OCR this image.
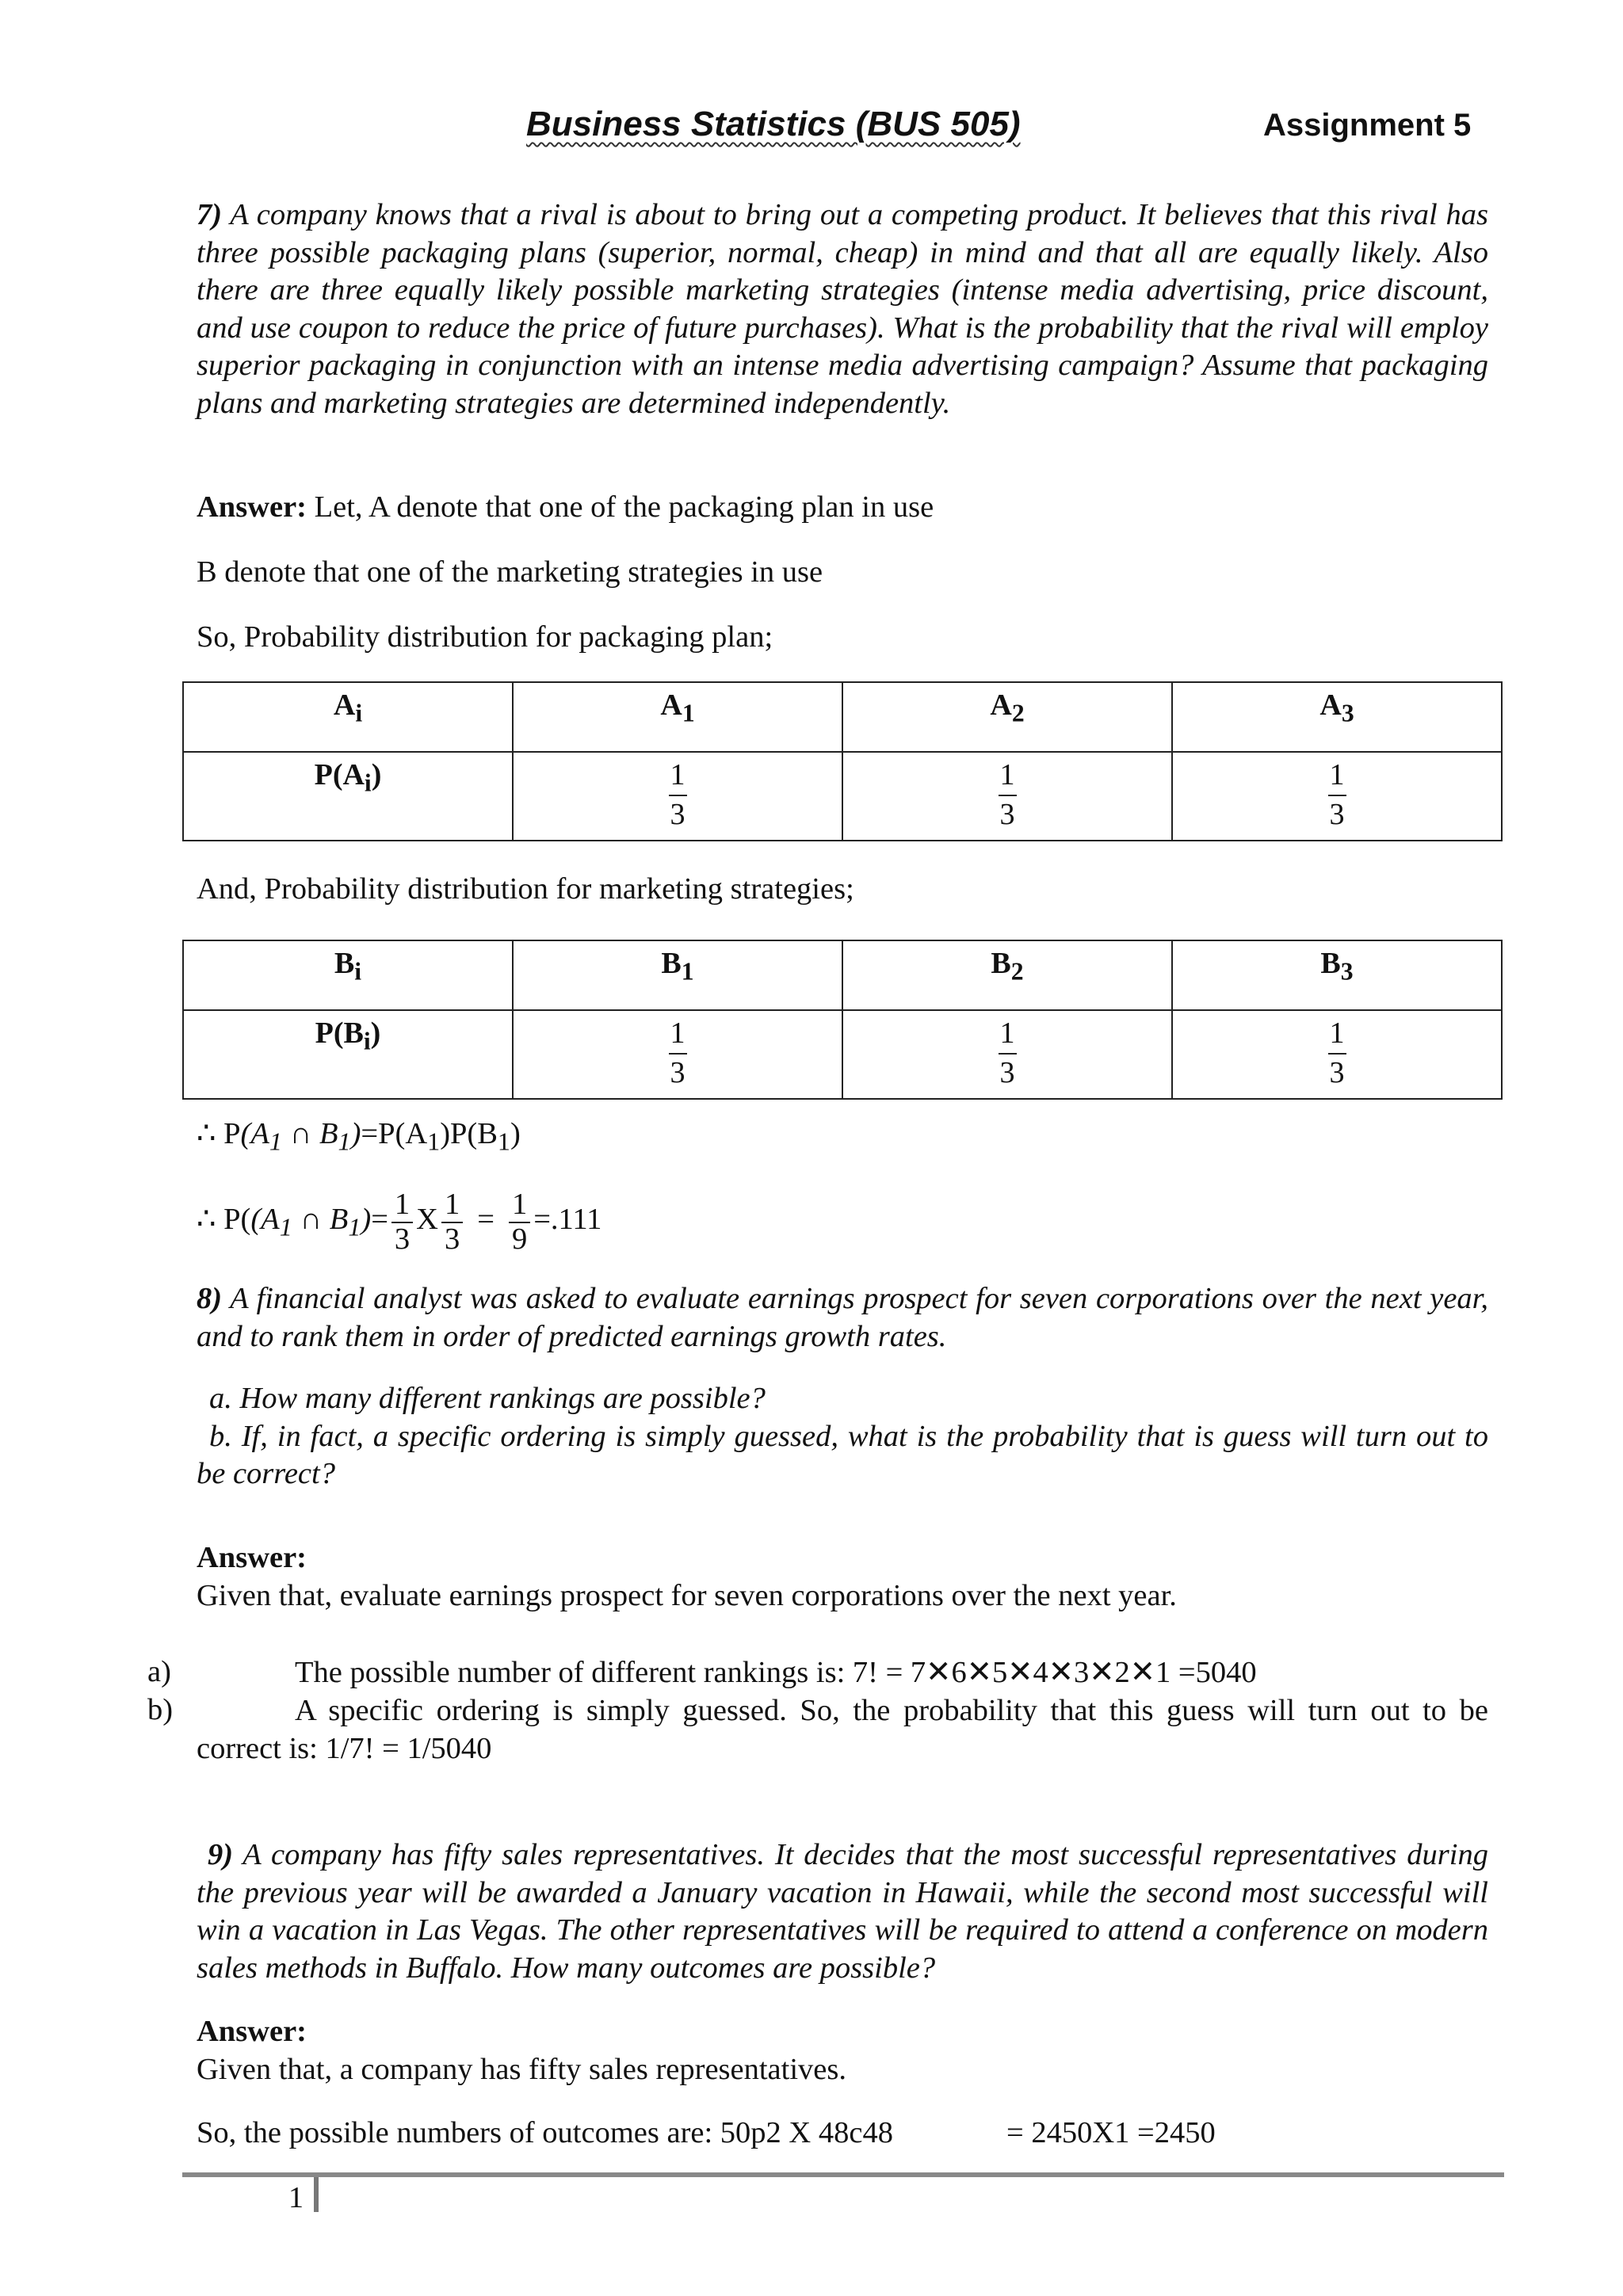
Business Statistics (BUS 505)	Assignment 5
7) A company knows that a rival is about to bring out a competing product. It believes that this rival has three possible packaging plans (superior, normal, cheap) in mind and that all are equally likely. Also there are three equally likely possible marketing strategies (intense media advertising, price discount, and use coupon to reduce the price of future purchases). What is the probability that the rival will employ superior packaging in conjunction with an intense media advertising campaign? Assume that packaging plans and marketing strategies are determined independently.
Answer: Let, A denote that one of the packaging plan in use
B denote that one of the marketing strategies in use
So, Probability distribution for packaging plan;
$A_i$	$A_1$	$A_2$	$A_3$
$P(A_i)$	$\frac{1}{3}$	$\frac{1}{3}$	$\frac{1}{3}$
And, Probability distribution for marketing strategies;
$B_i$	$B_1$	$B_2$	$B_3$
$P(B_i)$	$\frac{1}{3}$	$\frac{1}{3}$	$\frac{1}{3}$
∴ $P(A_1$ ∩ $B_1)=P(A_1)P(B_1)$
∴ $P((A_1$ ∩ $B_1)= \frac{1}{3}$ X $\frac{1}{3} = \frac{1}{9} =.111$
8) A financial analyst was asked to evaluate earnings prospect for seven corporations over the next year, and to rank them in order of predicted earnings growth rates.
a. How many different rankings are possible?
b. If, in fact, a specific ordering is simply guessed, what is the probability that is guess will turn out to be correct?
Answer:
Given that, evaluate earnings prospect for seven corporations over the next year.
a)	The possible number of different rankings is: 7! = 7✕6✕5✕4✕3✕2✕1 =5040
b)	A specific ordering is simply guessed. So, the probability that this guess will turn out to be correct is: 1/7! = 1/5040
9) A company has fifty sales representatives. It decides that the most successful representatives during the previous year will be awarded a January vacation in Hawaii, while the second most successful will win a vacation in Las Vegas. The other representatives will be required to attend a conference on modern sales methods in Buffalo. How many outcomes are possible?
Answer:
Given that, a company has fifty sales representatives.
So, the possible numbers of outcomes are: 50p2 X 48c48	= 2450X1 =2450
1
